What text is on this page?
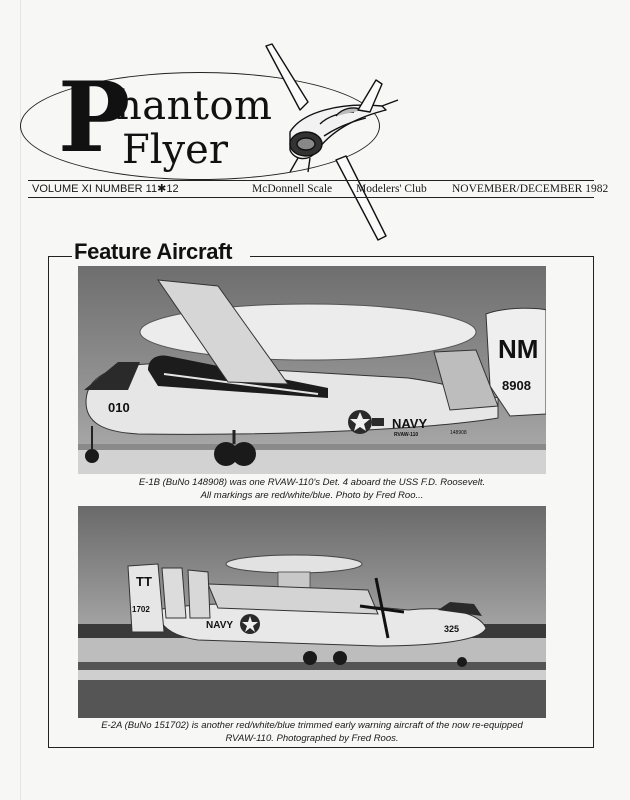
P
hantom
Flyer
VOLUME XI NUMBER 11✱12	McDonnell Scale Modelers' Club NOVEMBER/DECEMBER 1982
Feature Aircraft
010
NAVY
RVAW-110	148908
NM
8908
E-1B (BuNo 148908) was one RVAW-110's Det. 4 aboard the USS F.D. Roosevelt.
All markings are red/white/blue. Photo by Fred Roo...
TT
1702
NAVY	325
E-2A (BuNo 151702) is another red/white/blue trimmed early warning aircraft of the now re-equipped
RVAW-110. Photographed by Fred Roos.
